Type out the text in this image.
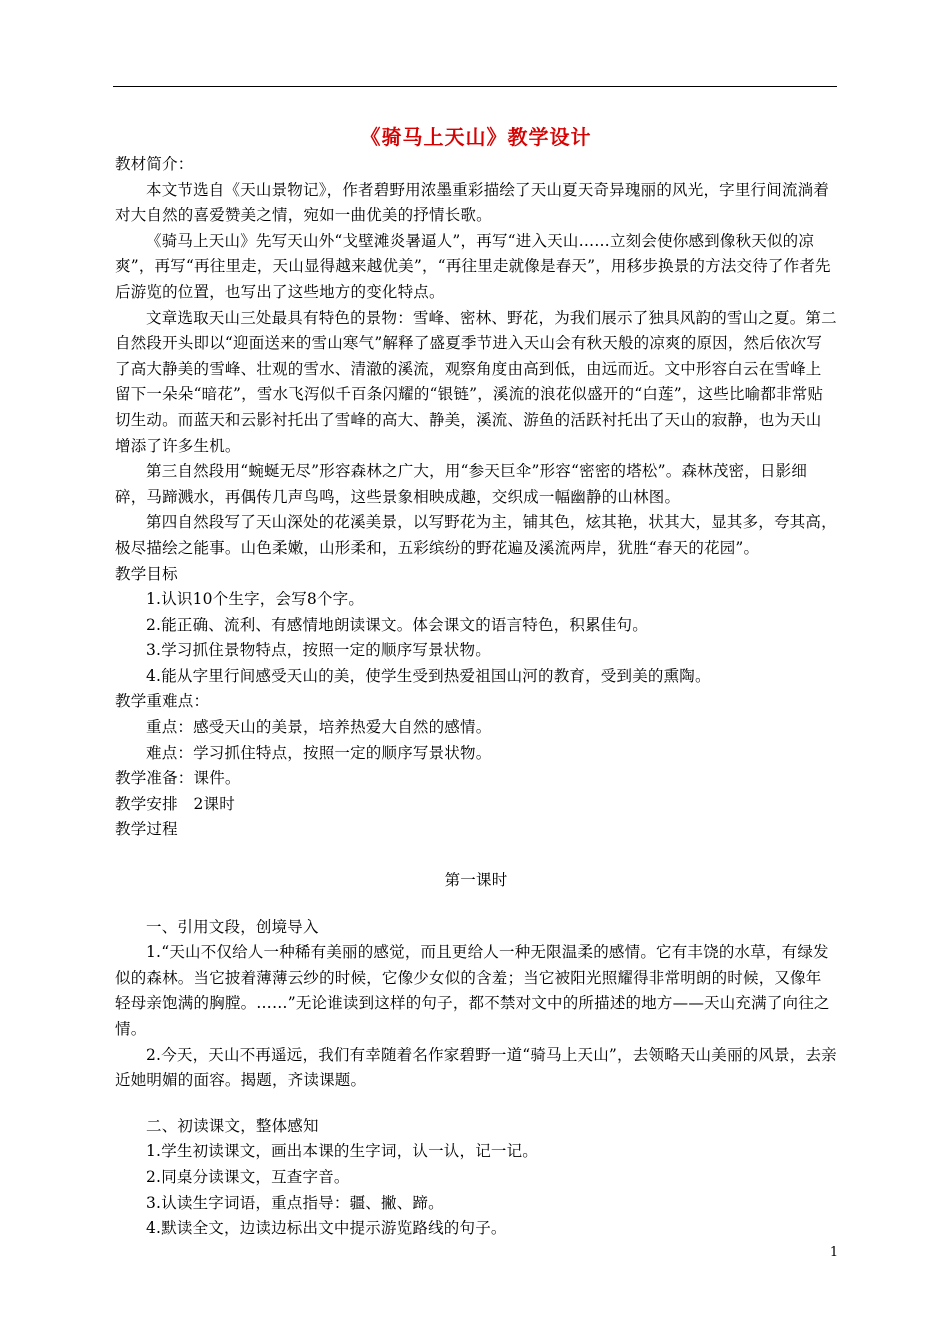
《骑马上天山》教学设计

教材简介：

本文节选自《天山景物记》，作者碧野用浓墨重彩描绘了天山夏天奇异瑰丽的风光，字里行间流淌着对大自然的喜爱赞美之情，宛如一曲优美的抒情长歌。

《骑马上天山》先写天山外“戈壁滩炎暑逼人”，再写“进入天山……立刻会使你感到像秋天似的凉爽”，再写“再往里走，天山显得越来越优美”，“再往里走就像是春天”，用移步换景的方法交待了作者先后游览的位置，也写出了这些地方的变化特点。

文章选取天山三处最具有特色的景物：雪峰、密林、野花，为我们展示了独具风韵的雪山之夏。第二自然段开头即以“迎面送来的雪山寒气”解释了盛夏季节进入天山会有秋天般的凉爽的原因，然后依次写了高大静美的雪峰、壮观的雪水、清澈的溪流，观察角度由高到低，由远而近。文中形容白云在雪峰上留下一朵朵“暗花”，雪水飞泻似千百条闪耀的“银链”，溪流的浪花似盛开的“白莲”，这些比喻都非常贴切生动。而蓝天和云影衬托出了雪峰的高大、静美，溪流、游鱼的活跃衬托出了天山的寂静，也为天山增添了许多生机。

第三自然段用“蜿蜒无尽”形容森林之广大，用“参天巨伞”形容“密密的塔松”。森林茂密，日影细碎，马蹄溅水，再偶传几声鸟鸣，这些景象相映成趣，交织成一幅幽静的山林图。

第四自然段写了天山深处的花溪美景，以写野花为主，铺其色，炫其艳，状其大，显其多，夸其高，极尽描绘之能事。山色柔嫩，山形柔和，五彩缤纷的野花遍及溪流两岸，犹胜“春天的花园”。

教学目标

1.认识10个生字，会写8个字。

2.能正确、流利、有感情地朗读课文。体会课文的语言特色，积累佳句。

3.学习抓住景物特点，按照一定的顺序写景状物。

4.能从字里行间感受天山的美，使学生受到热爱祖国山河的教育，受到美的熏陶。

教学重难点：

重点：感受天山的美景，培养热爱大自然的感情。

难点：学习抓住特点，按照一定的顺序写景状物。

教学准备：课件。

教学安排　2课时

教学过程

第一课时

一、引用文段，创境导入

1.“天山不仅给人一种稀有美丽的感觉，而且更给人一种无限温柔的感情。它有丰饶的水草，有绿发似的森林。当它披着薄薄云纱的时候，它像少女似的含羞；当它被阳光照耀得非常明朗的时候，又像年轻母亲饱满的胸膛。……”无论谁读到这样的句子，都不禁对文中的所描述的地方——天山充满了向往之情。

2.今天，天山不再遥远，我们有幸随着名作家碧野一道“骑马上天山”，去领略天山美丽的风景，去亲近她明媚的面容。揭题，齐读课题。

二、初读课文，整体感知

1.学生初读课文，画出本课的生字词，认一认，记一记。

2.同桌分读课文，互查字音。

3.认读生字词语，重点指导：疆、撇、蹄。

4.默读全文，边读边标出文中提示游览路线的句子。

1
